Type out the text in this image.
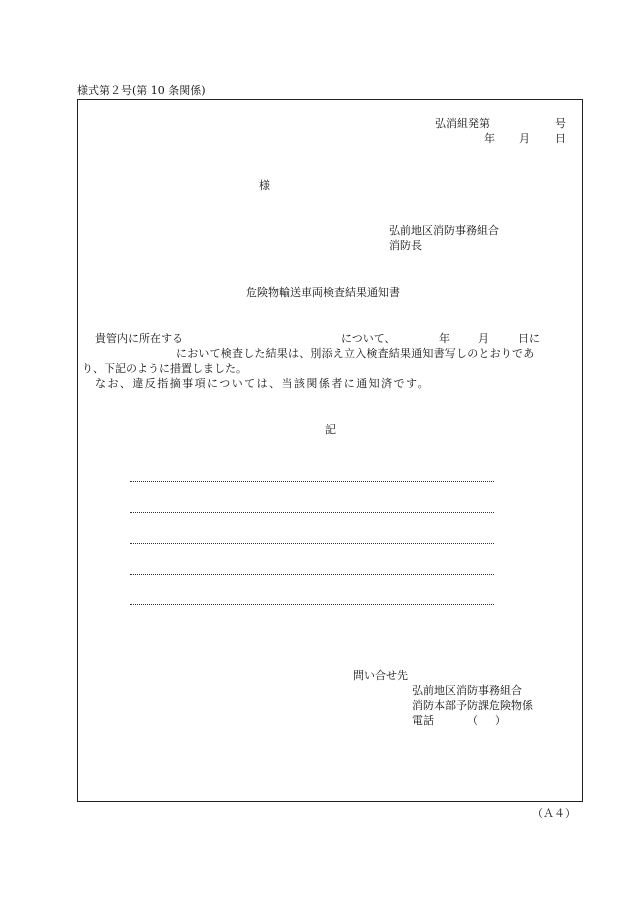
様式第２号(第 10 条関係)
弘消組発第	号
年 月 日
様
弘前地区消防事務組合
消防長
危険物輸送車両検査結果通知書
貴管内に所在する	について、	年	月	日に
において検査した結果は、別添え立入検査結果通知書写しのとおりであ
り、下記のように措置しました。
なお、違反指摘事項については、当該関係者に通知済です。
記
問い合せ先
弘前地区消防事務組合
消防本部予防課危険物係
電話	（ ）
（Ａ４）
